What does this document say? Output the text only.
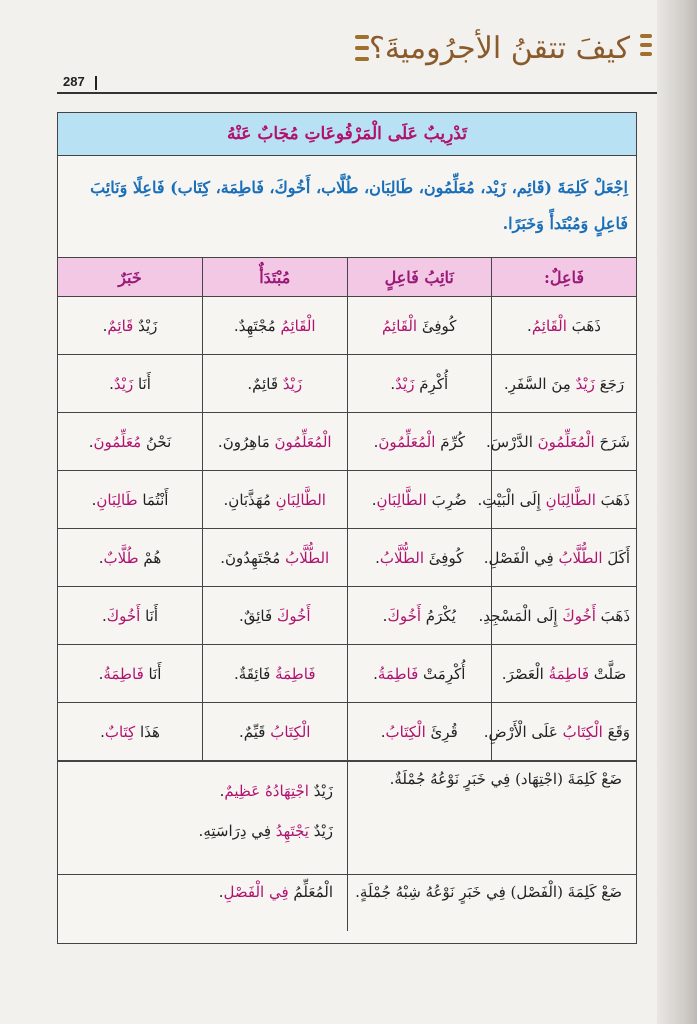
كيفَ تتقنُ الأجرُوميةَ؟
287
تَدْرِيبٌ عَلَى الْمَرْفُوعَاتِ مُجَابٌ عَنْهُ
اِجْعَلْ كَلِمَةَ (قَائِم، زَيْد، مُعَلِّمُون، طَالِبَان، طُلَّاب، أَخُوكَ، فَاطِمَة، كِتَاب) فَاعِلًا وَنَائِبَ فَاعِلٍ وَمُبْتَدأً وَخَبَرًا.
فَاعِلٌ:	نَائِبُ فَاعِلٍ	مُبْتَدَأٌ	خَبَرٌ
ذَهَبَ الْقَائِمُ.	كُوفِئَ الْقَائِمُ	الْقَائِمُ مُجْتَهِدٌ.	زَيْدٌ قَائِمٌ.
رَجَعَ زَيْدٌ مِنَ السَّفَرِ.	أُكْرِمَ زَيْدٌ.	زَيْدٌ قَائِمٌ.	أَنَا زَيْدٌ.
شَرَحَ الْمُعَلِّمُونَ الدَّرْسَ.	كُرِّمَ الْمُعَلِّمُونَ.	الْمُعَلِّمُونَ مَاهِرُونَ.	نَحْنُ مُعَلِّمُونَ.
ذَهَبَ الطَّالِبَانِ إِلَى الْبَيْتِ.	ضُرِبَ الطَّالِبَانِ.	الطَّالِبَانِ مُهَذَّبَانِ.	أَنْتُمَا طَالِبَانِ.
أَكَلَ الطُّلَّابُ فِي الْفَصْلِ.	كُوفِئَ الطُّلَّابُ.	الطُّلَّابُ مُجْتَهِدُونَ.	هُمْ طُلَّابٌ.
ذَهَبَ أَخُوكَ إِلَى الْمَسْجِدِ.	يُكْرَمُ أَخُوكَ.	أَخُوكَ فَائِقٌ.	أَنَا أَخُوكَ.
صَلَّتْ فَاطِمَةُ الْعَصْرَ.	أُكْرِمَتْ فَاطِمَةُ.	فَاطِمَةُ فَائِقَةٌ.	أَنَا فَاطِمَةُ.
وَقَعَ الْكِتَابُ عَلَى الْأَرْضِ.	قُرِئَ الْكِتَابُ.	الْكِتَابُ قَيِّمٌ.	هَذَا كِتَابٌ.
ضَعْ كَلِمَةَ (اجْتِهَاد) فِي خَبَرٍ نَوْعُهُ جُمْلَةٌ.
زَيْدٌ اجْتِهَادُهُ عَظِيمٌ.
زَيْدٌ يَجْتَهِدُ فِي دِرَاسَتِهِ.
ضَعْ كَلِمَةَ (الْفَصْل) فِي خَبَرٍ نَوْعُهُ شِبْهُ جُمْلَةٍ.
الْمُعَلِّمُ فِي الْفَصْلِ.
